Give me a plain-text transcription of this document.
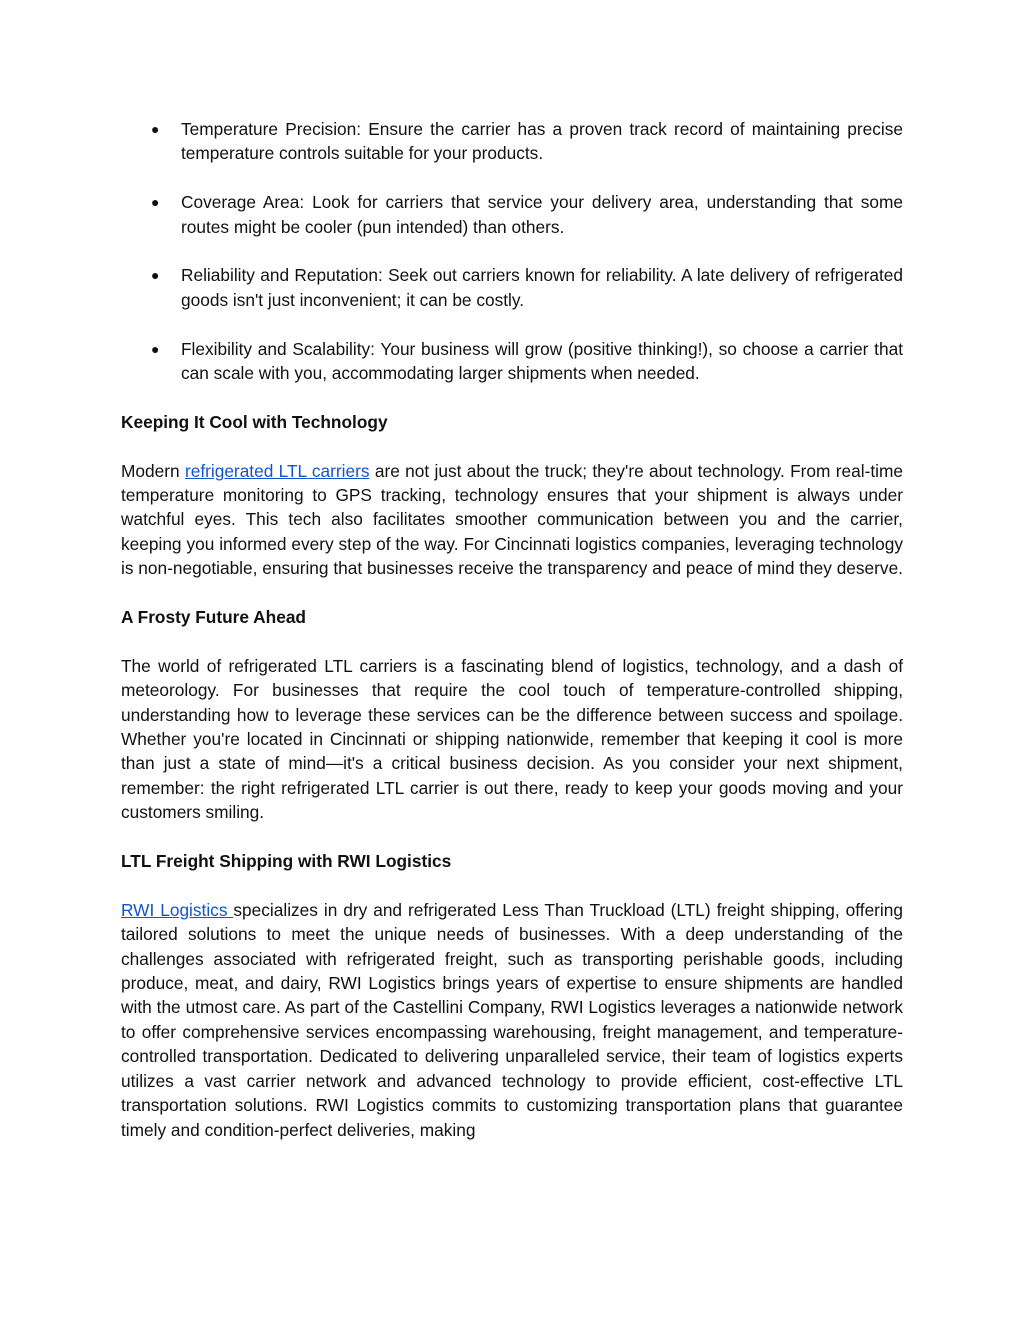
● Temperature Precision: Ensure the carrier has a proven track record of maintaining precise temperature controls suitable for your products.
● Coverage Area: Look for carriers that service your delivery area, understanding that some routes might be cooler (pun intended) than others.
● Reliability and Reputation: Seek out carriers known for reliability. A late delivery of refrigerated goods isn't just inconvenient; it can be costly.
● Flexibility and Scalability: Your business will grow (positive thinking!), so choose a carrier that can scale with you, accommodating larger shipments when needed.
Keeping It Cool with Technology

Modern refrigerated LTL carriers are not just about the truck; they're about technology. From real-time temperature monitoring to GPS tracking, technology ensures that your shipment is always under watchful eyes. This tech also facilitates smoother communication between you and the carrier, keeping you informed every step of the way. For Cincinnati logistics companies, leveraging technology is non-negotiable, ensuring that businesses receive the transparency and peace of mind they deserve.

A Frosty Future Ahead

The world of refrigerated LTL carriers is a fascinating blend of logistics, technology, and a dash of meteorology. For businesses that require the cool touch of temperature-controlled shipping, understanding how to leverage these services can be the difference between success and spoilage. Whether you're located in Cincinnati or shipping nationwide, remember that keeping it cool is more than just a state of mind—it's a critical business decision. As you consider your next shipment, remember: the right refrigerated LTL carrier is out there, ready to keep your goods moving and your customers smiling.

LTL Freight Shipping with RWI Logistics

RWI Logistics specializes in dry and refrigerated Less Than Truckload (LTL) freight shipping, offering tailored solutions to meet the unique needs of businesses. With a deep understanding of the challenges associated with refrigerated freight, such as transporting perishable goods, including produce, meat, and dairy, RWI Logistics brings years of expertise to ensure shipments are handled with the utmost care. As part of the Castellini Company, RWI Logistics leverages a nationwide network to offer comprehensive services encompassing warehousing, freight management, and temperature-controlled transportation. Dedicated to delivering unparalleled service, their team of logistics experts utilizes a vast carrier network and advanced technology to provide efficient, cost-effective LTL transportation solutions. RWI Logistics commits to customizing transportation plans that guarantee timely and condition-perfect deliveries, making
